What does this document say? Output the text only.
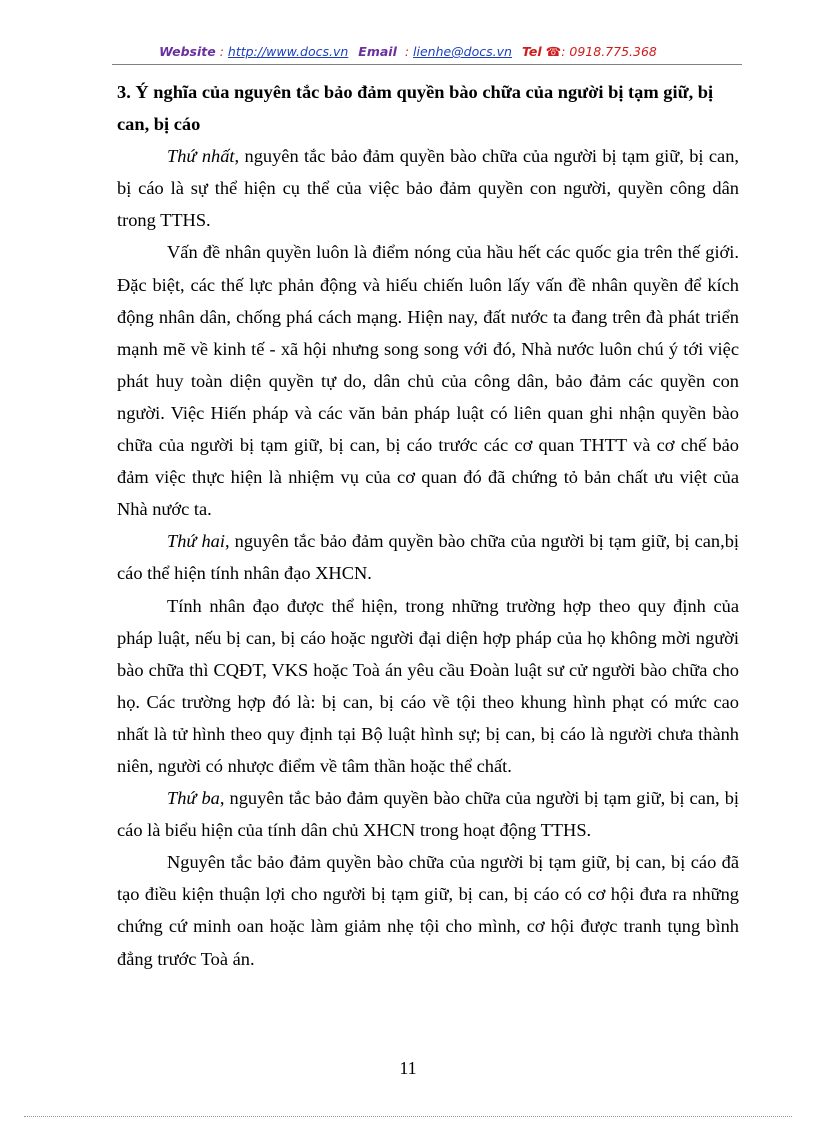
Website : http://www.docs.vn Email  : lienhe@docs.vn Tel ☎: 0918.775.368
3. Ý nghĩa của nguyên tắc bảo đảm quyền bào chữa của người bị tạm giữ, bị can, bị cáo

Thứ nhất, nguyên tắc bảo đảm quyền bào chữa của người bị tạm giữ, bị can, bị cáo là sự thể hiện cụ thể của việc bảo đảm quyền con người, quyền công dân trong TTHS.

Vấn đề nhân quyền luôn là điểm nóng của hầu hết các quốc gia trên thế giới. Đặc biệt, các thế lực phản động và hiếu chiến luôn lấy vấn đề nhân quyền để kích động nhân dân, chống phá cách mạng. Hiện nay, đất nước ta đang trên đà phát triển mạnh mẽ về kinh tế - xã hội nhưng song song với đó, Nhà nước luôn chú ý tới việc phát huy toàn diện quyền tự do, dân chủ của công dân, bảo đảm các quyền con người. Việc Hiến pháp và các văn bản pháp luật có liên quan ghi nhận quyền bào chữa của người bị tạm giữ, bị can, bị cáo trước các cơ quan THTT và cơ chế bảo đảm việc thực hiện là nhiệm vụ của cơ quan đó đã chứng tỏ bản chất ưu việt của Nhà nước ta.

Thứ hai, nguyên tắc bảo đảm quyền bào chữa của người bị tạm giữ, bị can,bị cáo thể hiện tính nhân đạo XHCN.

Tính nhân đạo được thể hiện, trong những trường hợp theo quy định của pháp luật, nếu bị can, bị cáo hoặc người đại diện hợp pháp của họ không mời người bào chữa thì CQĐT, VKS hoặc Toà án yêu cầu Đoàn luật sư cử người bào chữa cho họ. Các trường hợp đó là: bị can, bị cáo về tội theo khung hình phạt có mức cao nhất là tử hình theo quy định tại Bộ luật hình sự; bị can, bị cáo là người chưa thành niên, người có nhược điểm về tâm thần hoặc thể chất.

Thứ ba, nguyên tắc bảo đảm quyền bào chữa của người bị tạm giữ, bị can, bị cáo là biểu hiện của tính dân chủ XHCN trong hoạt động TTHS.

Nguyên tắc bảo đảm quyền bào chữa của người bị tạm giữ, bị can, bị cáo đã tạo điều kiện thuận lợi cho người bị tạm giữ, bị can, bị cáo có cơ hội đưa ra những chứng cứ minh oan hoặc làm giảm nhẹ tội cho mình, cơ hội được tranh tụng bình đẳng trước Toà án.

11
